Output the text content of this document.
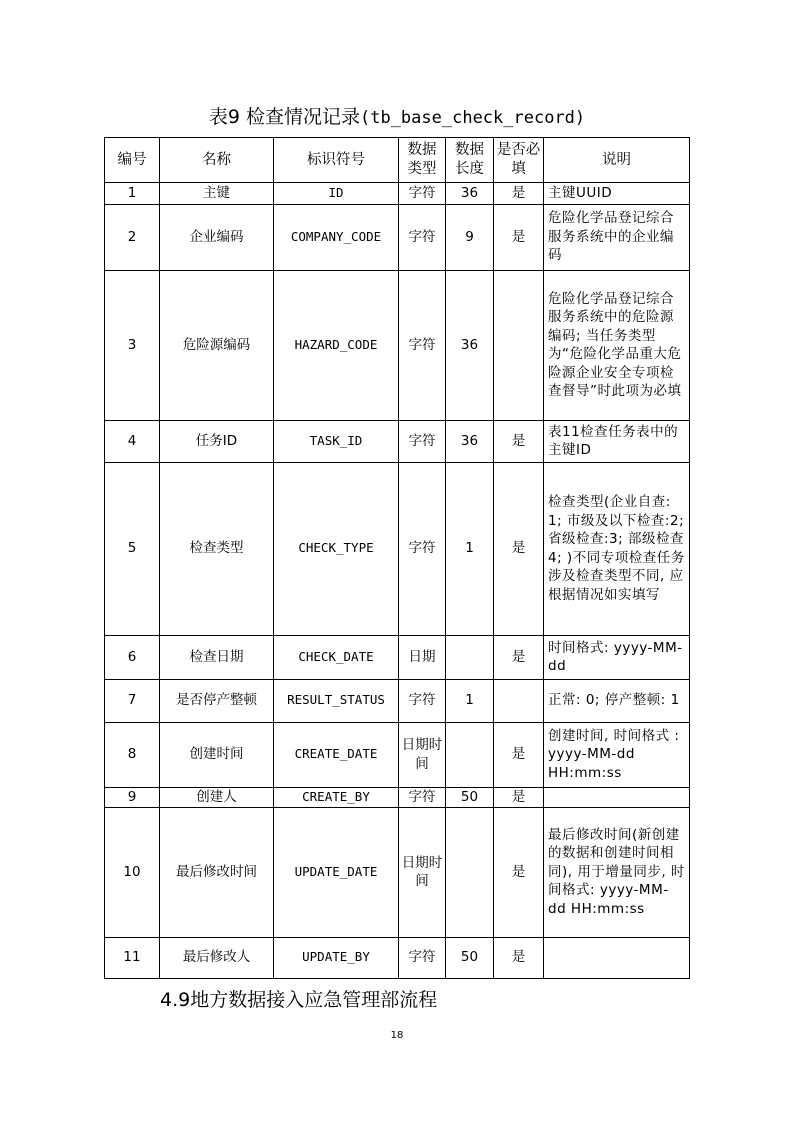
表9 检查情况记录(tb_base_check_record)
编号	名称	标识符号	数据类型	数据长度	是否必填	说明
1	主键	ID	字符	36	是	主键UUID
2	企业编码	COMPANY_CODE	字符	9	是	危险化学品登记综合服务系统中的企业编码
3	危险源编码	HAZARD_CODE	字符	36		危险化学品登记综合服务系统中的危险源编码; 当任务类型为“危险化学品重大危险源企业安全专项检查督导”时此项为必填
4	任务ID	TASK_ID	字符	36	是	表11检查任务表中的主键ID
5	检查类型	CHECK_TYPE	字符	1	是	检查类型(企业自查: 1; 市级及以下检查:2;省级检查:3; 部级检查4; )不同专项检查任务涉及检查类型不同, 应根据情况如实填写
6	检查日期	CHECK_DATE	日期		是	时间格式: yyyy-MM-dd
7	是否停产整顿	RESULT_STATUS	字符	1		正常: 0; 停产整顿: 1
8	创建时间	CREATE_DATE	日期时间		是	创建时间, 时间格式 : yyyy-MM-dd HH:mm:ss
9	创建人	CREATE_BY	字符	50	是	
10	最后修改时间	UPDATE_DATE	日期时间		是	最后修改时间(新创建的数据和创建时间相同), 用于增量同步, 时间格式: yyyy-MM-dd HH:mm:ss
11	最后修改人	UPDATE_BY	字符	50	是	
4.9地方数据接入应急管理部流程
18
